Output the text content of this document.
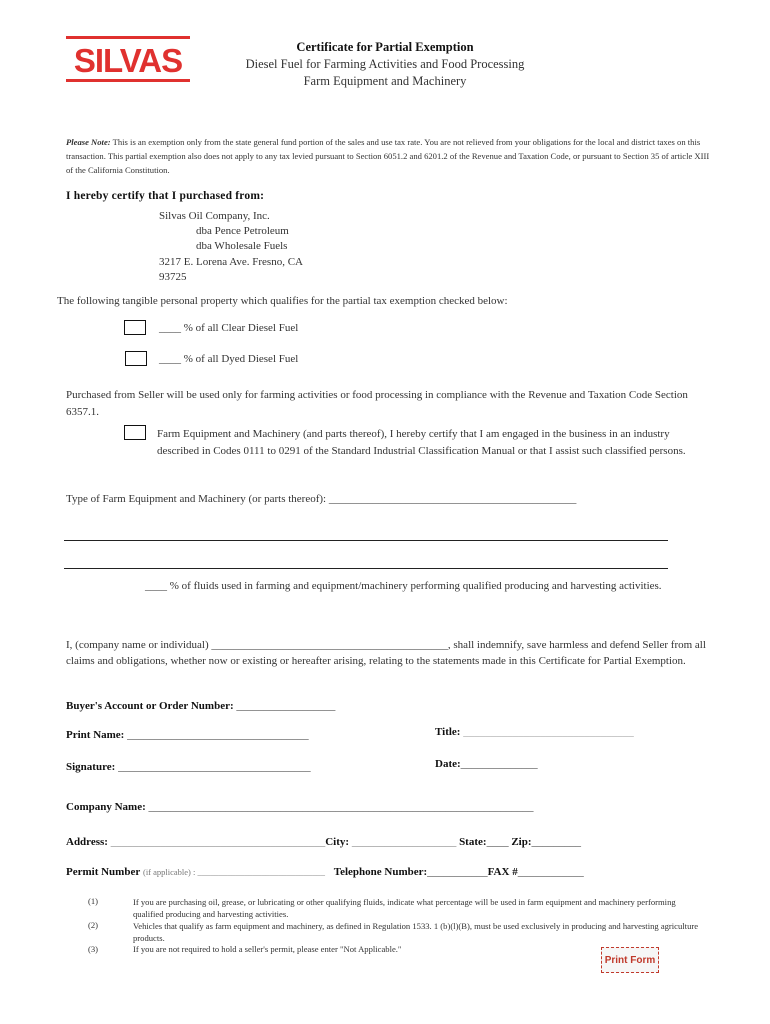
SILVAS	Certificate for Partial Exemption
Diesel Fuel for Farming Activities and Food Processing
Farm Equipment and Machinery
Please Note: This is an exemption only from the state general fund portion of the sales and use tax rate. You are not relieved from your obligations for the local and district taxes on this transaction. This partial exemption also does not apply to any tax levied pursuant to Section 6051.2 and 6201.2 of the Revenue and Taxation Code, or pursuant to Section 35 of article XIII of the California Constitution.
I hereby certify that I purchased from:
Silvas Oil Company, Inc.
dba Pence Petroleum
dba Wholesale Fuels
3217 E. Lorena Ave. Fresno, CA
93725
The following tangible personal property which qualifies for the partial tax exemption checked below:
____ % of all Clear Diesel Fuel
____ % of all Dyed Diesel Fuel
Purchased from Seller will be used only for farming activities or food processing in compliance with the Revenue and Taxation Code Section 6357.1.
Farm Equipment and Machinery (and parts thereof), I hereby certify that I am engaged in the business in an industry described in Codes 0111 to 0291 of the Standard Industrial Classification Manual or that I assist such classified persons.
Type of Farm Equipment and Machinery (or parts thereof): _____________________________________________
____ % of fluids used in farming and equipment/machinery performing qualified producing and harvesting activities.
I, (company name or individual) ___________________________________________, shall indemnify, save harmless and defend Seller from all claims and obligations, whether now or existing or hereafter arising, relating to the statements made in this Certificate for Partial Exemption.
Buyer's Account or Order Number: __________________
Print Name: _________________________________	Title: _______________________________
Signature: ___________________________________	Date:______________
Company Name: ______________________________________________________________________
Address: _______________________________________City: ___________________ State:____ Zip:_________
Permit Number (if applicable) : ______________________________ Telephone Number:___________FAX #____________
(1)	If you are purchasing oil, grease, or lubricating or other qualifying fluids, indicate what percentage will be used in farm equipment and machinery performing qualified producing and harvesting activities.
(2)	Vehicles that qualify as farm equipment and machinery, as defined in Regulation 1533. 1 (b)(l)(B), must be used exclusively in producing and harvesting agriculture products.
(3)	If you are not required to hold a seller's permit, please enter "Not Applicable."
Print Form
